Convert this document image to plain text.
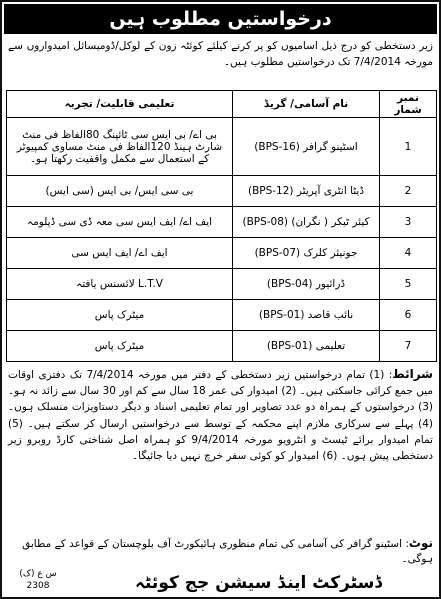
درخواستیں مطلوب ہیں
زیر دستخطی کو درج ذیل اسامیوں کو پر کرنے کیلئے کوئٹہ زون کے لوکل/ڈومیسائل امیدواروں سے مورخہ 7/4/2014 تک درخواستیں مطلوب ہیں۔
نمبر شمار	نام آسامی/ گریڈ	تعلیمی قابلیت/ تجربہ
1	اسٹینو گرافر (BPS-16)	بی اے/ بی ایس سی ٹائپنگ 80الفاظ فی منٹ شارٹ ہینڈ 120الفاظ فی منٹ مساوی کمپیوٹر کے استعمال سے مکمل واقفیت رکھتا ہو۔
2	ڈیٹا انٹری آپریٹر (BPS-12)	بی سی ایس/ بی ایس (سی ایس)
3	کیئر ٹیکر ( نگران) (BPS-08)	ایف اے/ ایف ایس سی معہ ڈی سی ڈپلومہ
4	جونیئر کلرک (BPS-07)	ایف اے/ ایف ایس سی
5	ڈرائیور (BPS-04)	L.T.V لائسنس یافتہ
6	نائب قاصد (BPS-01)	میٹرک پاس
7	تعلیمی (BPS-01)	میٹرک پاس
شرائط: (1) تمام درخواستیں زیر دستخطی کے دفتر میں مورخہ 7/4/2014 تک دفتری اوقات میں جمع کرائی جاسکتی ہیں۔ (2) امیدوار کی عمر 18 سال سے کم اور 30 سال سے زائد نہ ہو۔ (3) درخواستوں کے ہمراہ دو عدد تصاویر اور تمام تعلیمی اسناد و دیگر دستاویزات منسلک ہوں۔ (4) پہلے سے سرکاری ملازم اپنے محکمہ کے توسط سے درخواستیں ارسال کر سکتے ہیں۔ (5) تمام امیدوار برائے ٹیسٹ و انٹرویو مورخہ 9/4/2014 کو ہمراہ اصل شناختی کارڈ روبرو زیر دستخطی پیش ہوں۔ (6) امیدوار کو کوئی سفر خرچ نہیں دیا جائیگا۔
نوٹ: اسٹینو گرافر کی آسامی کی تمام منظوری ہائیکورٹ آف بلوچستان کے قواعد کے مطابق ہوگی۔
ڈسٹرکٹ اینڈ سیشن جج کوئٹہ
س ع (ک)
2308
